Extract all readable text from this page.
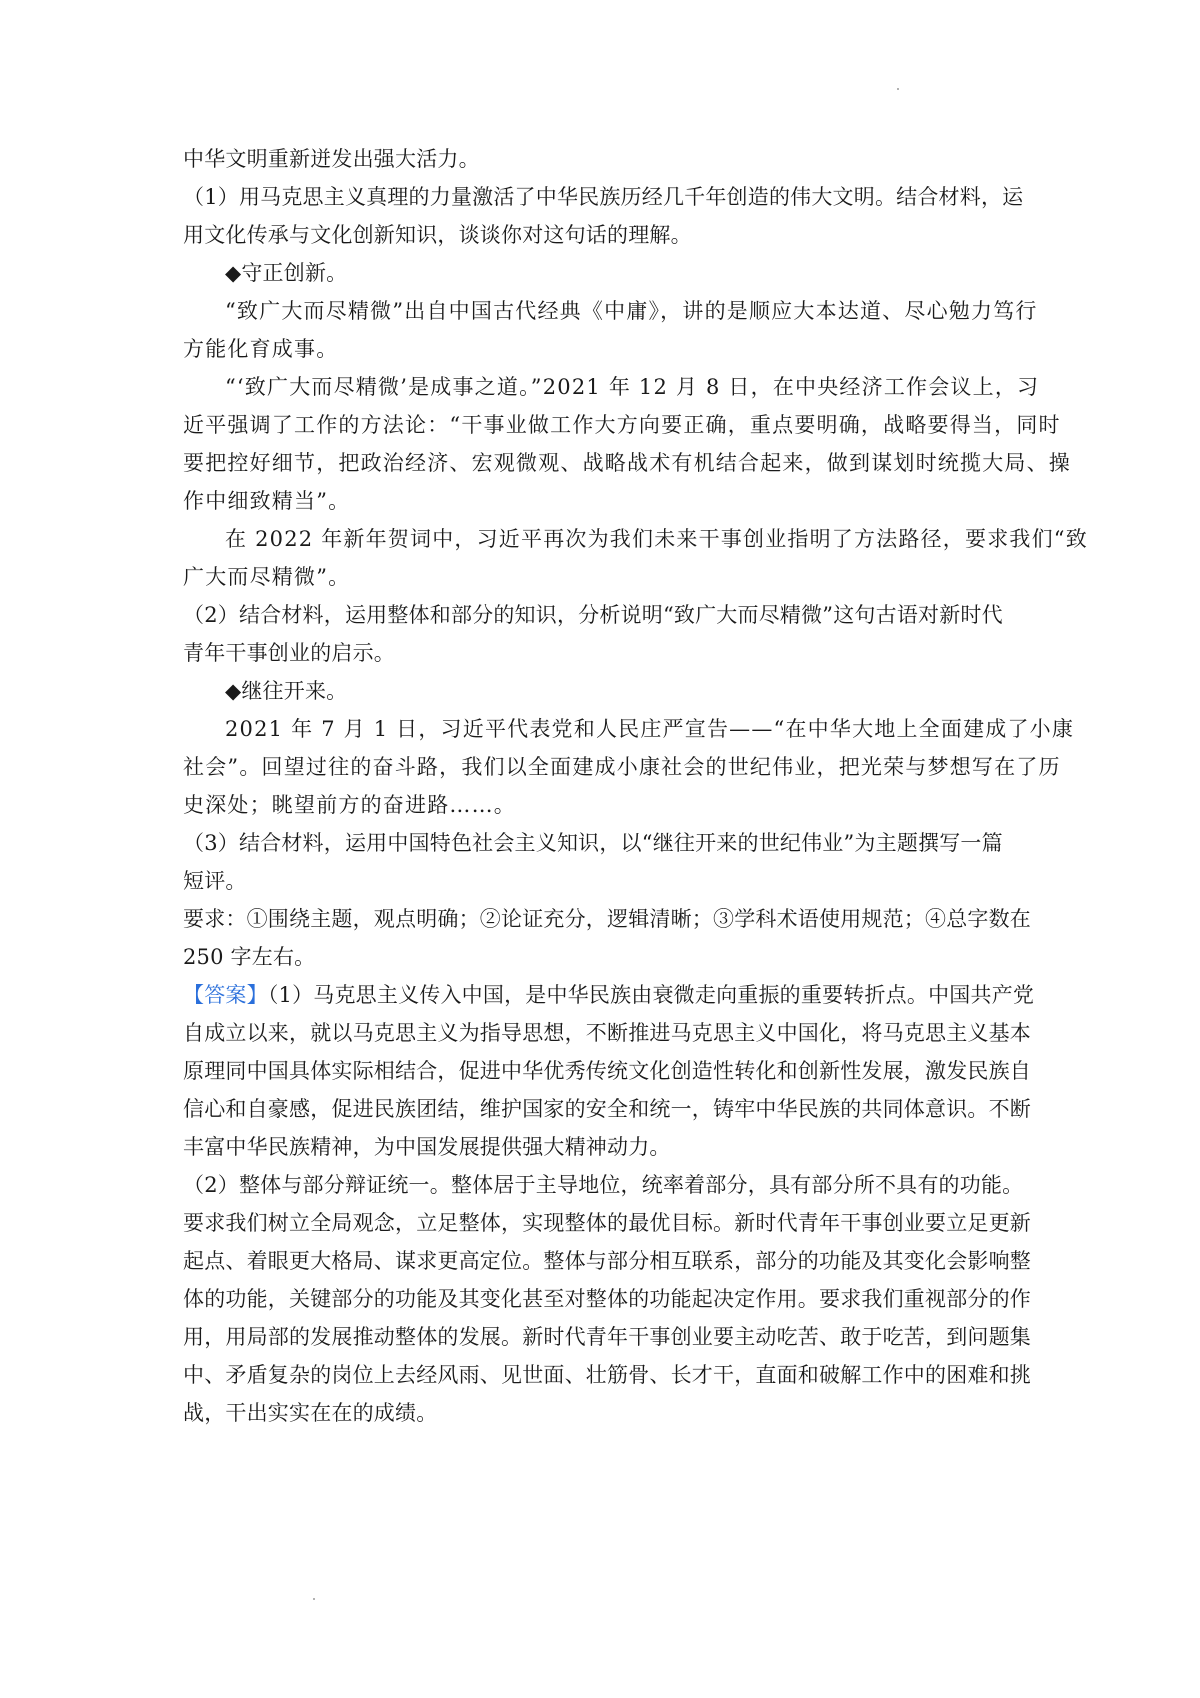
中华文明重新迸发出强大活力。
（1）用马克思主义真理的力量激活了中华民族历经几千年创造的伟大文明。结合材料，运
用文化传承与文化创新知识，谈谈你对这句话的理解。
◆守正创新。
“致广大而尽精微”出自中国古代经典《中庸》，讲的是顺应大本达道、尽心勉力笃行
方能化育成事。
“‘致广大而尽精微’是成事之道。”2021 年 12 月 8 日，在中央经济工作会议上，习
近平强调了工作的方法论：“干事业做工作大方向要正确，重点要明确，战略要得当，同时
要把控好细节，把政治经济、宏观微观、战略战术有机结合起来，做到谋划时统揽大局、操
作中细致精当”。
在 2022 年新年贺词中，习近平再次为我们未来干事创业指明了方法路径，要求我们“致
广大而尽精微”。
（2）结合材料，运用整体和部分的知识，分析说明“致广大而尽精微”这句古语对新时代
青年干事创业的启示。
◆继往开来。
2021 年 7 月 1 日，习近平代表党和人民庄严宣告——“在中华大地上全面建成了小康
社会”。回望过往的奋斗路，我们以全面建成小康社会的世纪伟业，把光荣与梦想写在了历
史深处；眺望前方的奋进路……。
（3）结合材料，运用中国特色社会主义知识，以“继往开来的世纪伟业”为主题撰写一篇
短评。
要求：①围绕主题，观点明确；②论证充分，逻辑清晰；③学科术语使用规范；④总字数在
250 字左右。
【答案】（1）马克思主义传入中国，是中华民族由衰微走向重振的重要转折点。中国共产党
自成立以来，就以马克思主义为指导思想，不断推进马克思主义中国化，将马克思主义基本
原理同中国具体实际相结合，促进中华优秀传统文化创造性转化和创新性发展，激发民族自
信心和自豪感，促进民族团结，维护国家的安全和统一，铸牢中华民族的共同体意识。不断
丰富中华民族精神，为中国发展提供强大精神动力。
（2）整体与部分辩证统一。整体居于主导地位，统率着部分，具有部分所不具有的功能。
要求我们树立全局观念，立足整体，实现整体的最优目标。新时代青年干事创业要立足更新
起点、着眼更大格局、谋求更高定位。整体与部分相互联系，部分的功能及其变化会影响整
体的功能，关键部分的功能及其变化甚至对整体的功能起决定作用。要求我们重视部分的作
用，用局部的发展推动整体的发展。新时代青年干事创业要主动吃苦、敢于吃苦，到问题集
中、矛盾复杂的岗位上去经风雨、见世面、壮筋骨、长才干，直面和破解工作中的困难和挑
战，干出实实在在的成绩。
